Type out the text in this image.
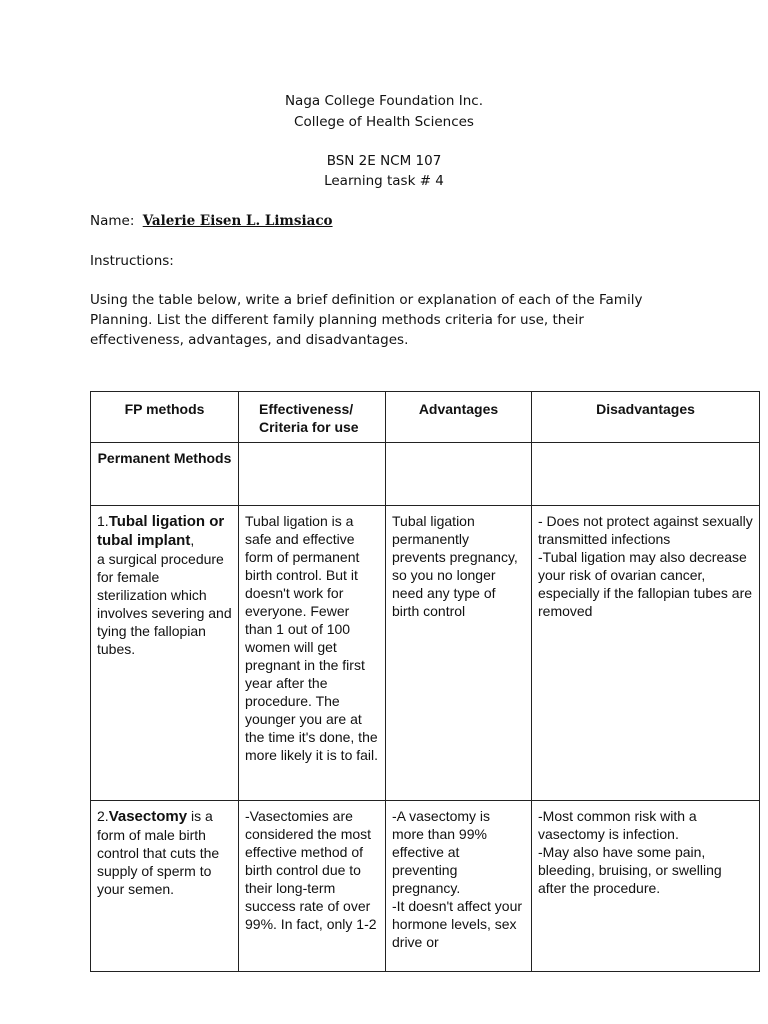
Naga College Foundation Inc.
College of Health Sciences
BSN 2E NCM 107
Learning task # 4
Name: Valerie Eisen L. Limsiaco
Instructions:
Using the table below, write a brief definition or explanation of each of the Family Planning. List the different family planning methods criteria for use, their effectiveness, advantages, and disadvantages.
FP methods	Effectiveness/ Criteria for use	Advantages	Disadvantages
Permanent Methods			
1.Tubal ligation or tubal implant,
a surgical procedure for female sterilization which involves severing and tying the fallopian tubes.	Tubal ligation is a safe and effective form of permanent birth control. But it doesn't work for everyone. Fewer than 1 out of 100 women will get pregnant in the first year after the procedure. The younger you are at the time it's done, the more likely it is to fail.	Tubal ligation permanently prevents pregnancy, so you no longer need any type of birth control	- Does not protect against sexually transmitted infections
-Tubal ligation may also decrease your risk of ovarian cancer, especially if the fallopian tubes are removed

2.Vasectomy is a
form of male birth control that cuts the supply of sperm to your semen.	-Vasectomies are considered the most effective method of birth control due to their long-term success rate of over 99%. In fact, only 1-2	-A vasectomy is more than 99% effective at preventing pregnancy.
-It doesn't affect your hormone levels, sex drive or	-Most common risk with a vasectomy is infection.
-May also have some pain, bleeding, bruising, or swelling after the procedure.
